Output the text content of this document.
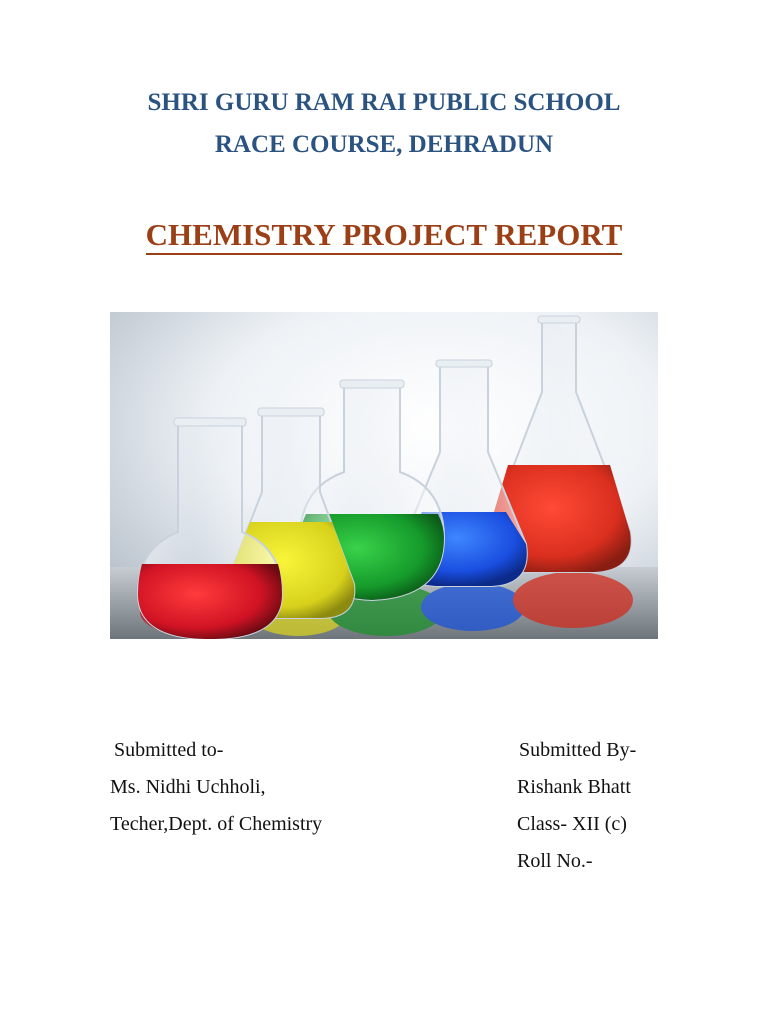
SHRI GURU RAM RAI PUBLIC SCHOOL
RACE COURSE, DEHRADUN
CHEMISTRY PROJECT REPORT
Submitted to-
Ms. Nidhi Uchholi,
Techer,Dept. of Chemistry
Submitted By-
Rishank Bhatt
Class- XII (c)
Roll No.-
